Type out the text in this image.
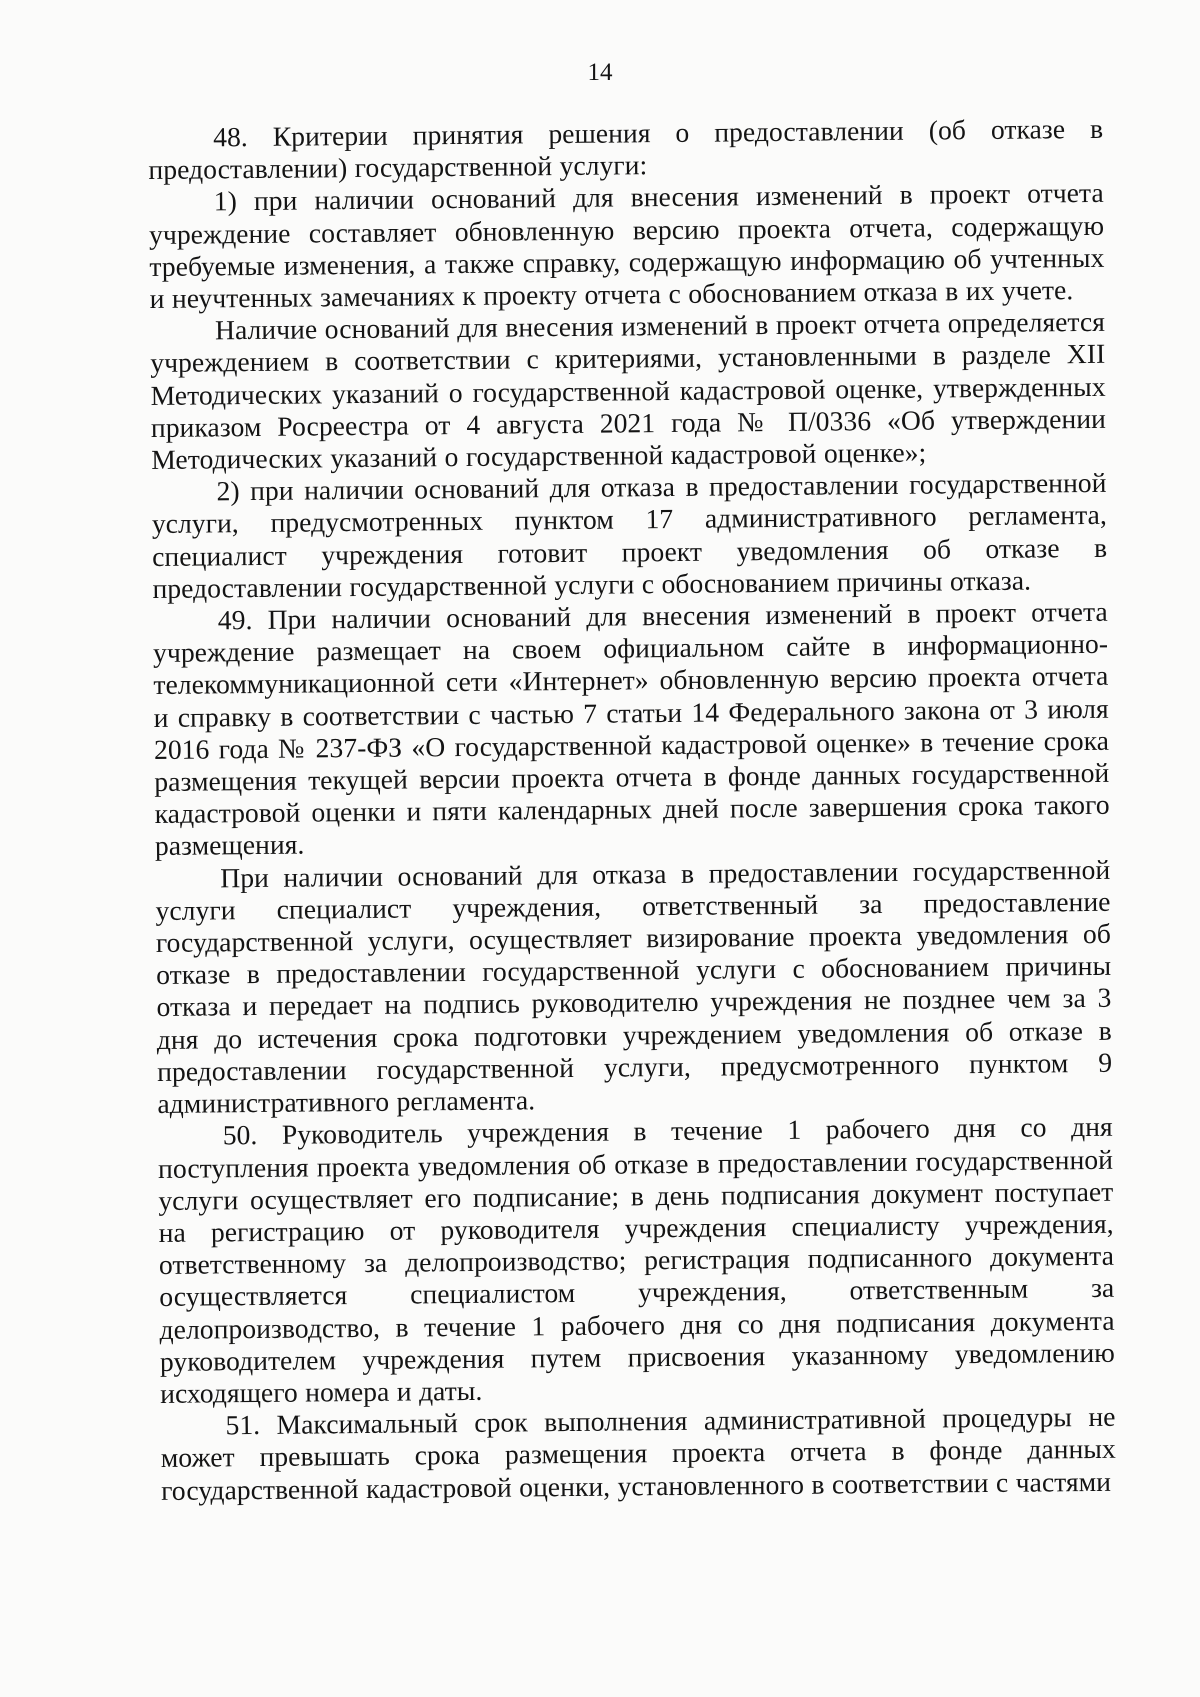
14

48. Критерии принятия решения о предоставлении (об отказе в предоставлении) государственной услуги:

1) при наличии оснований для внесения изменений в проект отчета учреждение составляет обновленную версию проекта отчета, содержащую требуемые изменения, а также справку, содержащую информацию об учтенных и неучтенных замечаниях к проекту отчета с обоснованием отказа в их учете.

Наличие оснований для внесения изменений в проект отчета определяется учреждением в соответствии с критериями, установленными в разделе XII Методических указаний о государственной кадастровой оценке, утвержденных приказом Росреестра от 4 августа 2021 года № П/0336 «Об утверждении Методических указаний о государственной кадастровой оценке»;

2) при наличии оснований для отказа в предоставлении государственной услуги, предусмотренных пунктом 17 административного регламента, специалист учреждения готовит проект уведомления об отказе в предоставлении государственной услуги с обоснованием причины отказа.

49. При наличии оснований для внесения изменений в проект отчета учреждение размещает на своем официальном сайте в информационно-телекоммуникационной сети «Интернет» обновленную версию проекта отчета и справку в соответствии с частью 7 статьи 14 Федерального закона от 3 июля 2016 года № 237-ФЗ «О государственной кадастровой оценке» в течение срока размещения текущей версии проекта отчета в фонде данных государственной кадастровой оценки и пяти календарных дней после завершения срока такого размещения.

При наличии оснований для отказа в предоставлении государственной услуги специалист учреждения, ответственный за предоставление государственной услуги, осуществляет визирование проекта уведомления об отказе в предоставлении государственной услуги с обоснованием причины отказа и передает на подпись руководителю учреждения не позднее чем за 3 дня до истечения срока подготовки учреждением уведомления об отказе в предоставлении государственной услуги, предусмотренного пунктом 9 административного регламента.

50. Руководитель учреждения в течение 1 рабочего дня со дня поступления проекта уведомления об отказе в предоставлении государственной услуги осуществляет его подписание; в день подписания документ поступает на регистрацию от руководителя учреждения специалисту учреждения, ответственному за делопроизводство; регистрация подписанного документа осуществляется специалистом учреждения, ответственным за делопроизводство, в течение 1 рабочего дня со дня подписания документа руководителем учреждения путем присвоения указанному уведомлению исходящего номера и даты.

51. Максимальный срок выполнения административной процедуры не может превышать срока размещения проекта отчета в фонде данных государственной кадастровой оценки, установленного в соответствии с частями
